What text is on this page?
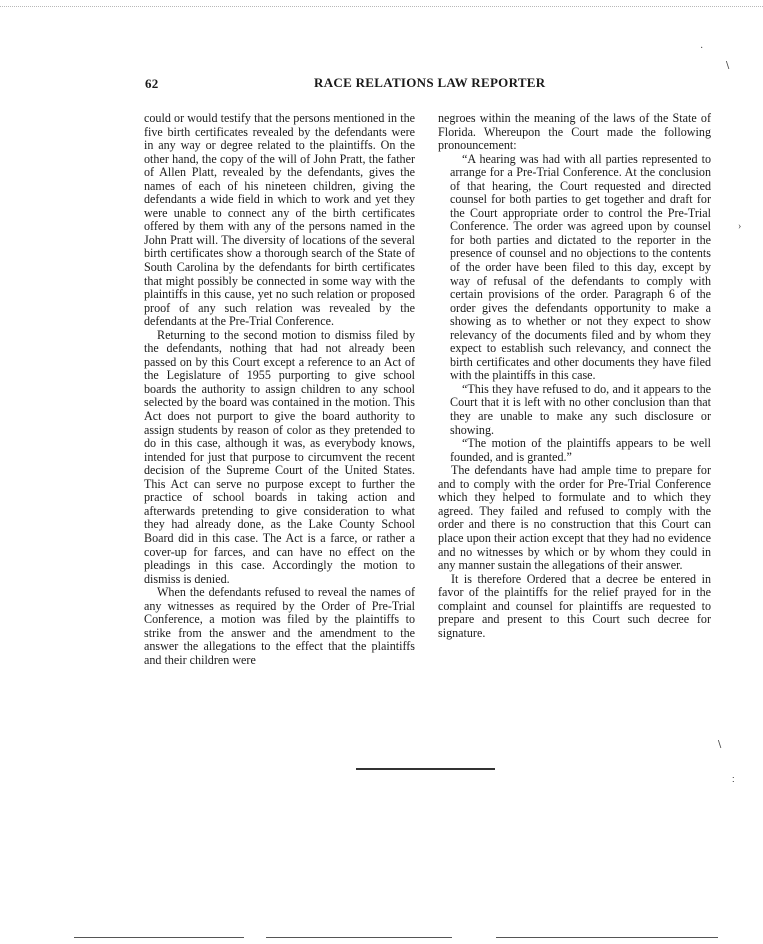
62	RACE RELATIONS LAW REPORTER

could or would testify that the persons mentioned in the five birth certificates revealed by the defendants were in any way or degree related to the plaintiffs. On the other hand, the copy of the will of John Pratt, the father of Allen Platt, revealed by the defendants, gives the names of each of his nineteen children, giving the defendants a wide field in which to work and yet they were unable to connect any of the birth certificates offered by them with any of the persons named in the John Pratt will. The diversity of locations of the several birth certificates show a thorough search of the State of South Carolina by the defendants for birth certificates that might possibly be connected in some way with the plaintiffs in this cause, yet no such relation or proposed proof of any such relation was revealed by the defendants at the Pre-Trial Conference.

Returning to the second motion to dismiss filed by the defendants, nothing that had not already been passed on by this Court except a reference to an Act of the Legislature of 1955 purporting to give school boards the authority to assign children to any school selected by the board was contained in the motion. This Act does not purport to give the board authority to assign students by reason of color as they pretended to do in this case, although it was, as everybody knows, intended for just that purpose to circumvent the recent decision of the Supreme Court of the United States. This Act can serve no purpose except to further the practice of school boards in taking action and afterwards pretending to give consideration to what they had already done, as the Lake County School Board did in this case. The Act is a farce, or rather a cover-up for farces, and can have no effect on the pleadings in this case. Accordingly the motion to dismiss is denied.

When the defendants refused to reveal the names of any witnesses as required by the Order of Pre-Trial Conference, a motion was filed by the plaintiffs to strike from the answer and the amendment to the answer the allegations to the effect that the plaintiffs and their children were

negroes within the meaning of the laws of the State of Florida. Whereupon the Court made the following pronouncement:

“A hearing was had with all parties represented to arrange for a Pre-Trial Conference. At the conclusion of that hearing, the Court requested and directed counsel for both parties to get together and draft for the Court appropriate order to control the Pre-Trial Conference. The order was agreed upon by counsel for both parties and dictated to the reporter in the presence of counsel and no objections to the contents of the order have been filed to this day, except by way of refusal of the defendants to comply with certain provisions of the order. Paragraph 6 of the order gives the defendants opportunity to make a showing as to whether or not they expect to show relevancy of the documents filed and by whom they expect to establish such relevancy, and connect the birth certificates and other documents they have filed with the plaintiffs in this case.

“This they have refused to do, and it appears to the Court that it is left with no other conclusion than that they are unable to make any such disclosure or showing.

“The motion of the plaintiffs appears to be well founded, and is granted.”

The defendants have had ample time to prepare for and to comply with the order for Pre-Trial Conference which they helped to formulate and to which they agreed. They failed and refused to comply with the order and there is no construction that this Court can place upon their action except that they had no evidence and no witnesses by which or by whom they could in any manner sustain the allegations of their answer.

It is therefore Ordered that a decree be entered in favor of the plaintiffs for the relief prayed for in the complaint and counsel for plaintiffs are requested to prepare and present to this Court such decree for signature.

·
∖
›
∖
∶
